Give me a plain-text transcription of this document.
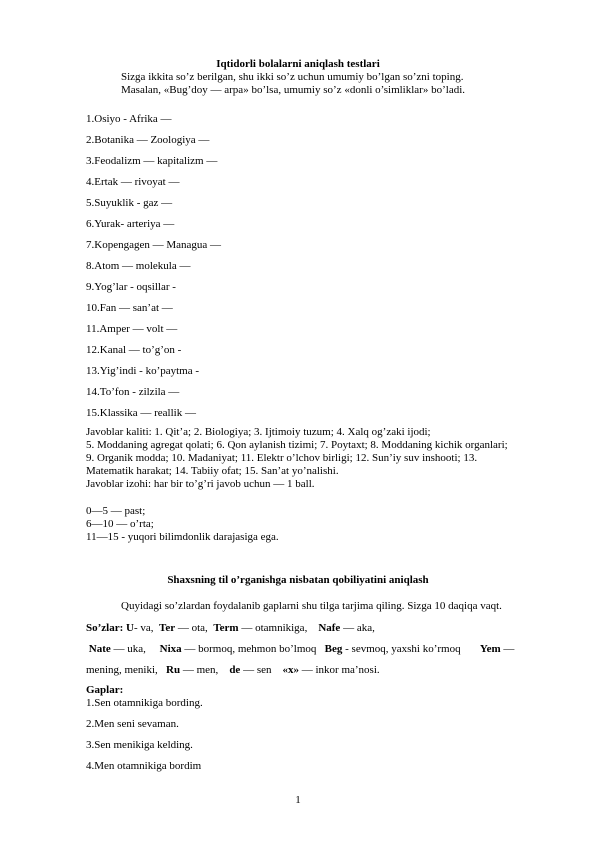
Iqtidorli bolalarni aniqlash testlari
Sizga ikkita so’z berilgan, shu ikki so’z uchun umumiy bo’lgan so’zni toping.
Masalan, «Bug’doy — arpa» bo’lsa, umumiy so’z «donli o’simliklar» bo’ladi.
1.Osiyo - Afrika —
2.Botanika — Zoologiya —
3.Feodalizm — kapitalizm —
4.Ertak — rivoyat —
5.Suyuklik - gaz —
6.Yurak- arteriya —
7.Kopengagen — Managua —
8.Atom — molekula —
9.Yog’lar - oqsillar -
10.Fan — san’at —
11.Amper — volt —
12.Kanal — to’g’on -
13.Yig’indi - ko’paytma -
14.To’fon - zilzila —
15.Klassika — reallik —
Javoblar kaliti: 1. Qit’a; 2. Biologiya; 3. Ijtimoiy tuzum; 4. Xalq og’zaki ijodi;
5. Moddaning agregat qolati; 6. Qon aylanish tizimi; 7. Poytaxt; 8. Moddaning kichik organlari;
9. Organik modda; 10. Madaniyat; 11. Elektr o’lchov birligi; 12. Sun’iy suv inshooti; 13.
Matematik harakat; 14. Tabiiy ofat; 15. San’at yo’nalishi.
Javoblar izohi: har bir to’g’ri javob uchun — 1 ball.
0—5 — past;
6—10 — o’rta;
11—15 - yuqori bilimdonlik darajasiga ega.
Shaxsning til o’rganishga nisbatan qobiliyatini aniqlash
Quyidagi so’zlardan foydalanib gaplarni shu tilga tarjima qiling. Sizga 10 daqiqa vaqt.
So’zlar: U- va, Ter — ota, Term — otamnikiga, Nafe — aka,
Nate — uka, Nixa — bormoq, mehmon bo’lmoq Beg - sevmoq, yaxshi ko’rmoq Yem —
mening, meniki, Ru — men, de — sen «x» — inkor ma’nosi.
Gaplar:
1.Sen otamnikiga bording.
2.Men seni sevaman.
3.Sen menikiga kelding.
4.Men otamnikiga bordim
1
